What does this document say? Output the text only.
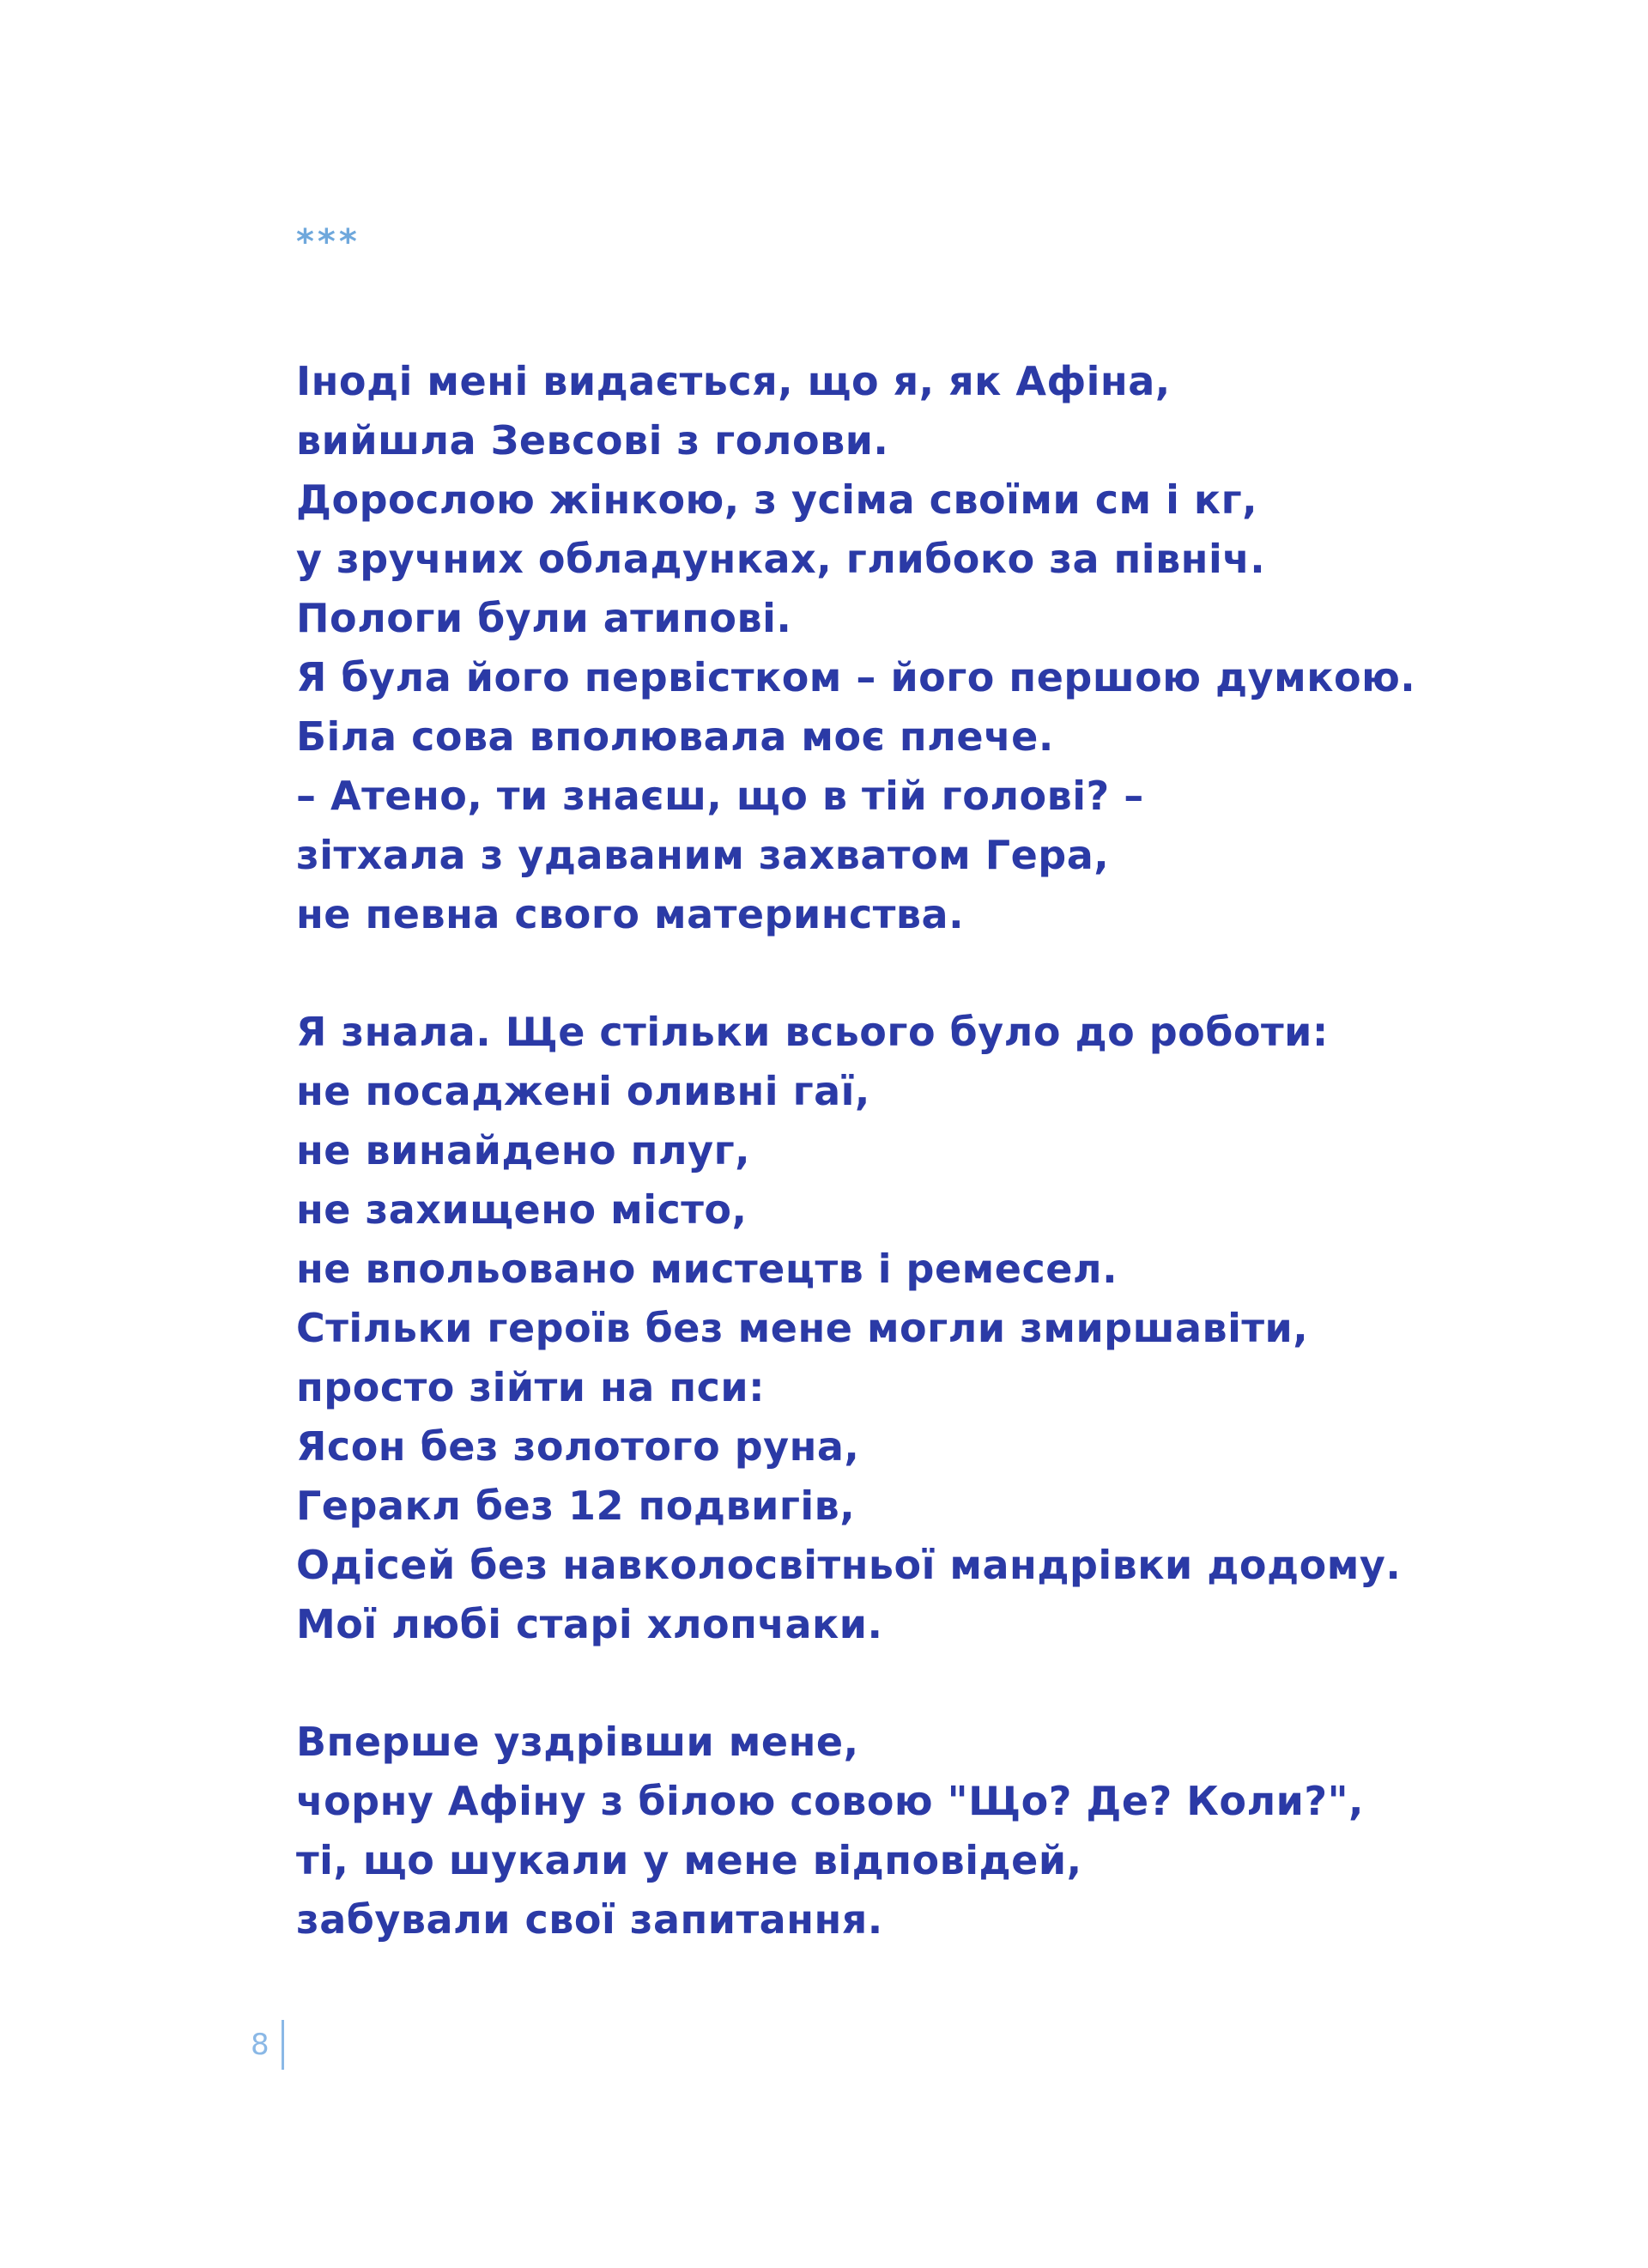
***
Іноді мені видається, що я, як Афіна,
вийшла Зевсові з голови.
Дорослою жінкою, з усіма своїми см і кг,
у зручних обладунках, глибоко за північ.
Пологи були атипові.
Я була його первістком – його першою думкою.
Біла сова вполювала моє плече.
– Атено, ти знаєш, що в тій голові? –
зітхала з удаваним захватом Гера,
не певна свого материнства.
Я знала. Ще стільки всього було до роботи:
не посаджені оливні гаї,
не винайдено плуг,
не захищено місто,
не впольовано мистецтв і ремесел.
Стільки героїв без мене могли змиршавіти,
просто зійти на пси:
Ясон без золотого руна,
Геракл без 12 подвигів,
Одісей без навколосвітньої мандрівки додому.
Мої любі старі хлопчаки.
Вперше уздрівши мене,
чорну Афіну з білою совою "Що? Де? Коли?",
ті, що шукали у мене відповідей,
забували свої запитання.
8
